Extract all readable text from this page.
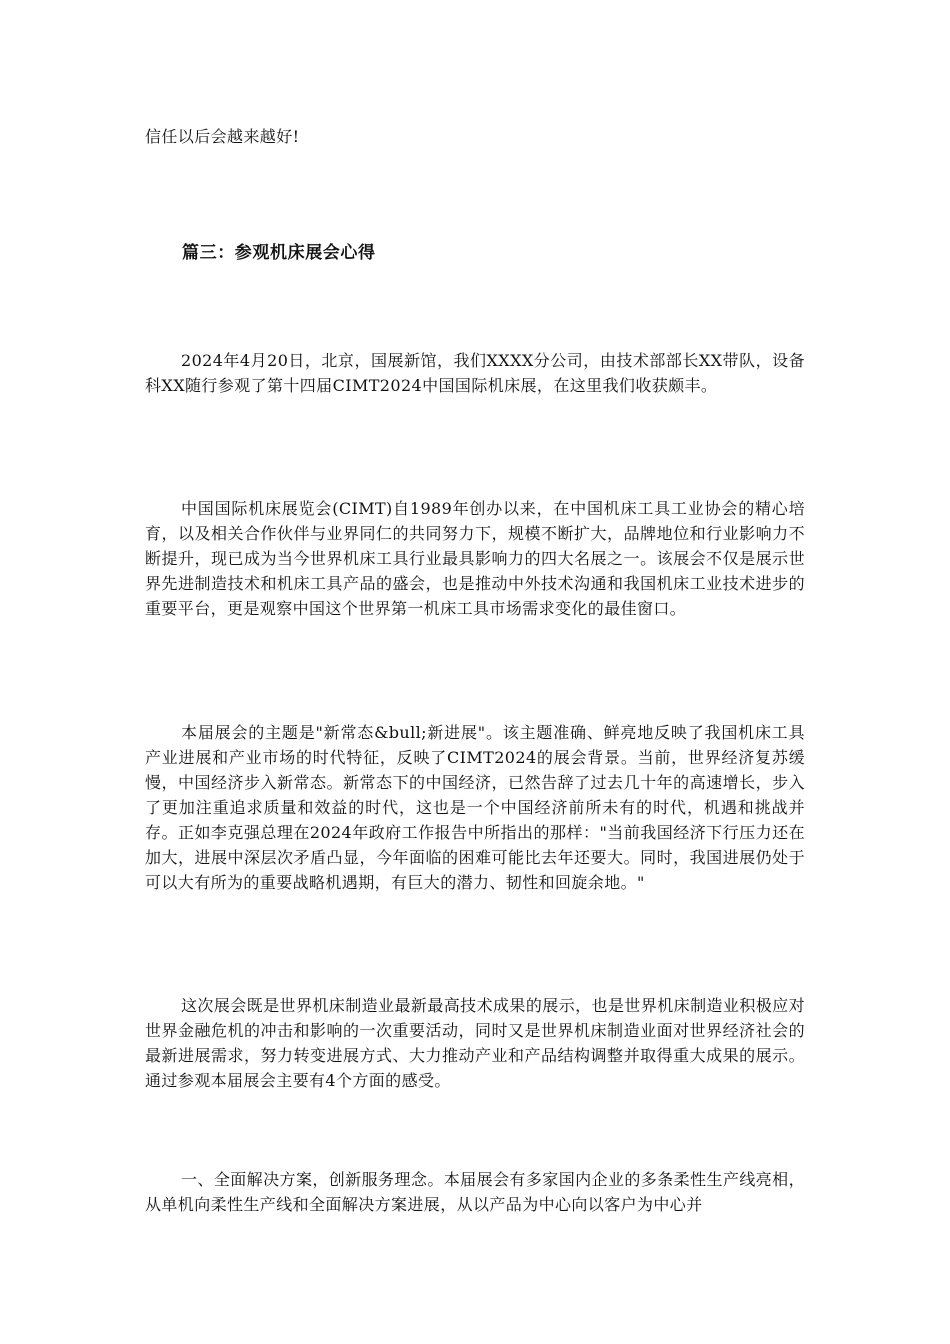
信任以后会越来越好!
篇三：参观机床展会心得

2024年4月20日，北京，国展新馆，我们XXXX分公司，由技术部部长XX带队，设备科XX随行参观了第十四届CIMT2024中国国际机床展，在这里我们收获颇丰。

中国国际机床展览会(CIMT)自1989年创办以来，在中国机床工具工业协会的精心培育，以及相关合作伙伴与业界同仁的共同努力下，规模不断扩大，品牌地位和行业影响力不断提升，现已成为当今世界机床工具行业最具影响力的四大名展之一。该展会不仅是展示世界先进制造技术和机床工具产品的盛会，也是推动中外技术沟通和我国机床工业技术进步的重要平台，更是观察中国这个世界第一机床工具市场需求变化的最佳窗口。

本届展会的主题是"新常态&bull;新进展"。该主题准确、鲜亮地反映了我国机床工具产业进展和产业市场的时代特征，反映了CIMT2024的展会背景。当前，世界经济复苏缓慢，中国经济步入新常态。新常态下的中国经济，已然告辞了过去几十年的高速增长，步入了更加注重追求质量和效益的时代，这也是一个中国经济前所未有的时代，机遇和挑战并存。正如李克强总理在2024年政府工作报告中所指出的那样："当前我国经济下行压力还在加大，进展中深层次矛盾凸显，今年面临的困难可能比去年还要大。同时，我国进展仍处于可以大有所为的重要战略机遇期，有巨大的潜力、韧性和回旋余地。"

这次展会既是世界机床制造业最新最高技术成果的展示，也是世界机床制造业积极应对世界金融危机的冲击和影响的一次重要活动，同时又是世界机床制造业面对世界经济社会的最新进展需求，努力转变进展方式、大力推动产业和产品结构调整并取得重大成果的展示。通过参观本届展会主要有4个方面的感受。

一、全面解决方案，创新服务理念。本届展会有多家国内企业的多条柔性生产线亮相，从单机向柔性生产线和全面解决方案进展，从以产品为中心向以客户为中心并
